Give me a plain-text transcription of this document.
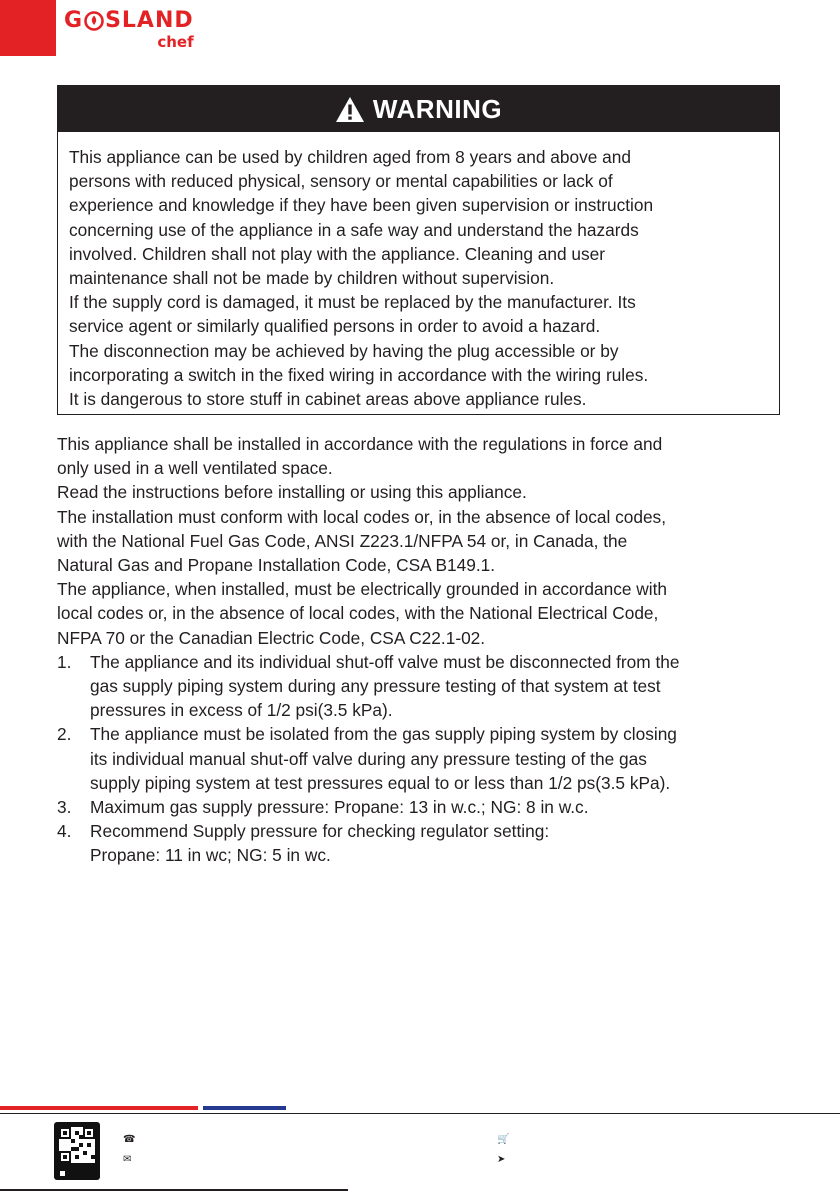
G SLAND
chef
WARNING

This appliance can be used by children aged from 8 years and above and

persons with reduced physical, sensory or mental capabilities or lack of

experience and knowledge if they have been given supervision or instruction

concerning use of the appliance in a safe way and understand the hazards

involved. Children shall not play with the appliance. Cleaning and user

maintenance shall not be made by children without supervision.

If the supply cord is damaged, it must be replaced by the manufacturer. Its

service agent or similarly qualified persons in order to avoid a hazard.

The disconnection may be achieved by having the plug accessible or by

incorporating a switch in the fixed wiring in accordance with the wiring rules.

It is dangerous to store stuff in cabinet areas above appliance rules.

This appliance shall be installed in accordance with the regulations in force and

only used in a well ventilated space.

Read the instructions before installing or using this appliance.

The installation must conform with local codes or, in the absence of local codes,

with the National Fuel Gas Code, ANSI Z223.1/NFPA 54 or, in Canada, the

Natural Gas and Propane Installation Code, CSA B149.1.

The appliance, when installed, must be electrically grounded in accordance with

local codes or, in the absence of local codes, with the National Electrical Code,

NFPA 70 or the Canadian Electric Code, CSA C22.1-02.

1.	The appliance and its individual shut-off valve must be disconnected from the

gas supply piping system during any pressure testing of that system at test

pressures in excess of 1/2 psi(3.5 kPa).

2.	The appliance must be isolated from the gas supply piping system by closing

its individual manual shut-off valve during any pressure testing of the gas

supply piping system at test pressures equal to or less than 1/2 ps(3.5 kPa).

3.	Maximum gas supply pressure: Propane: 13 in w.c.; NG: 8 in w.c.

4.	Recommend Supply pressure for checking regulator setting:

Propane: 11 in wc; NG: 5 in wc.

☎
✉
🛒
➤
